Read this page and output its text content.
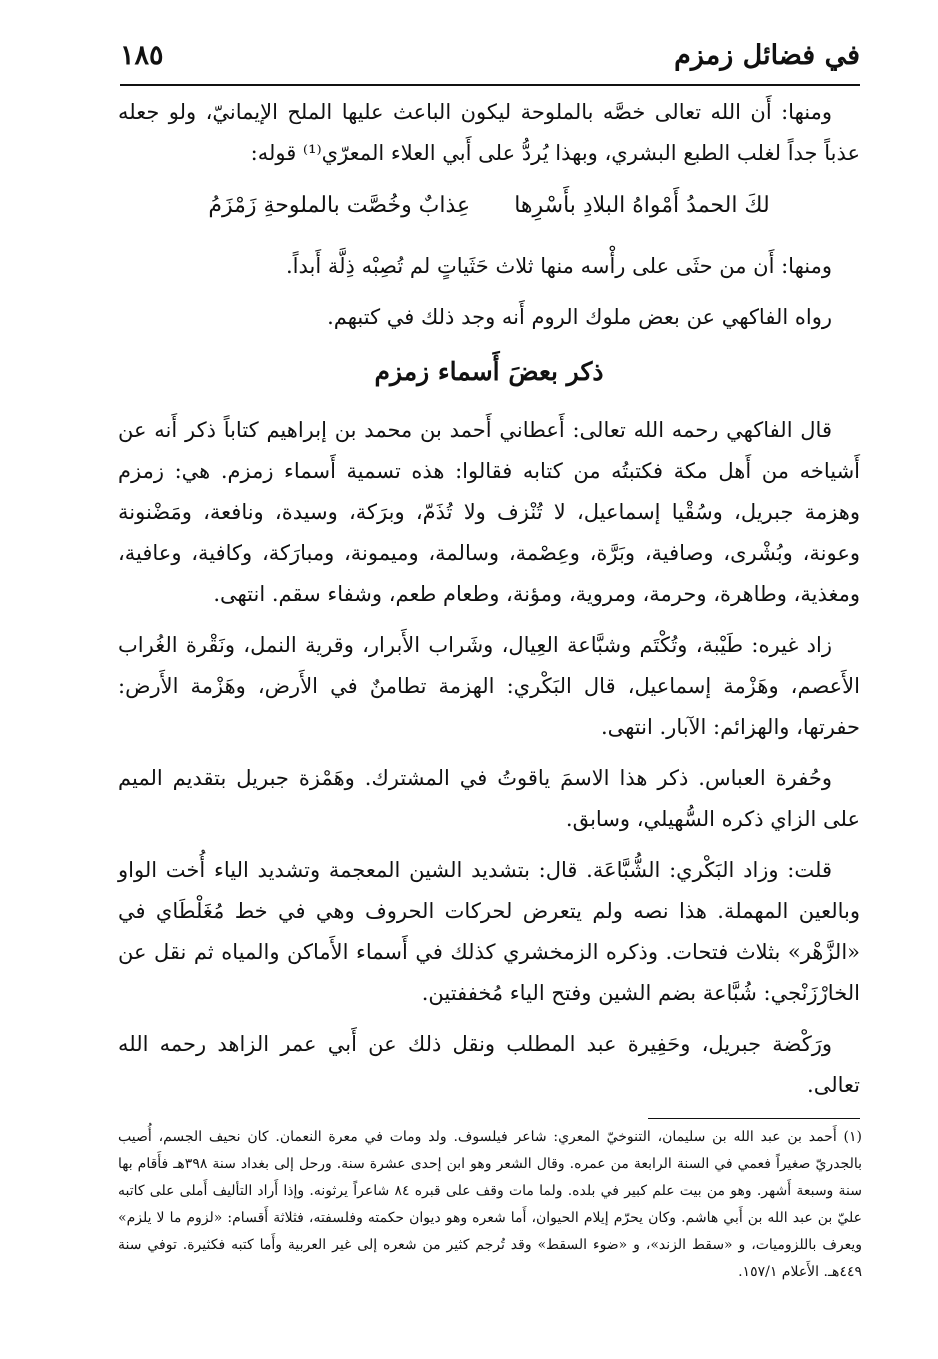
في فضائل زمزم
١٨٥

ومنها: أَن الله تعالى خصَّه بالملوحة ليكون الباعث عليها الملح الإيمانيّ، ولو جعله عذباً جداً لغلب الطبع البشري، وبهذا يُردُّ على أَبي العلاء المعرّي⁽¹⁾ قوله:

لكَ الحمدُ أَمْواهُ البلادِ بأَسْرِها
عِذابٌ وخُصَّت بالملوحةِ زَمْزَمُ

ومنها: أَن من حثَى على رأْسه منها ثلاث حَثَياتٍ لم تُصِبْه ذِلَّة أَبداً.

رواه الفاكهي عن بعض ملوك الروم أَنه وجد ذلك في كتبهم.

ذكر بعضَ أَسماء زمزم

قال الفاكهي رحمه الله تعالى: أَعطاني أَحمد بن محمد بن إبراهيم كتاباً ذكر أَنه عن أَشياخه من أَهل مكة فكتبتُه من كتابه فقالوا: هذه تسمية أَسماء زمزم. هي: زمزم وهزمة جبريل، وسُقْيا إسماعيل، لا تُنْزف ولا تُذَمّ، وبرَكة، وسيدة، ونافعة، ومَضْنونة وعونة، وبُشْرى، وصافية، وبَرَّة، وعِصْمة، وسالمة، وميمونة، ومبارَكة، وكافية، وعافية، ومغذية، وطاهرة، وحرمة، ومروية، ومؤنة، وطعام طعم، وشفاء سقم. انتهى.

زاد غيره: طَيْبة، وتُكْتَم وشبَّاعة العِيال، وشَراب الأَبرار، وقرية النمل، ونَقْرة الغُراب الأَعصم، وهَزْمة إسماعيل، قال البَكْري: الهزمة تطامنٌ في الأَرض، وهَزْمة الأَرض: حفرتها، والهزائم: الآبار. انتهى.

وحُفرة العباس. ذكر هذا الاسمَ ياقوتُ في المشترك. وهَمْزة جبريل بتقديم الميم على الزاي ذكره السُّهيلي، وسابق.

قلت: وزاد البَكْري: الشُّبَّاعَة. قال: بتشديد الشين المعجمة وتشديد الياء أُخت الواو وبالعين المهملة. هذا نصه ولم يتعرض لحركات الحروف وهي في خط مُغَلْطَاي في «الزَّهْر» بثلاث فتحات. وذكره الزمخشري كذلك في أَسماء الأَماكن والمياه ثم نقل عن الخارْزَنْجي: شُبَّاعة بضم الشين وفتح الياء مُخففتين.

ورَكْضة جبريل، وحَفِيرة عبد المطلب ونقل ذلك عن أَبي عمر الزاهد رحمه الله تعالى.

(١) أَحمد بن عبد الله بن سليمان، التنوخيّ المعري: شاعر فيلسوف. ولد ومات في معرة النعمان. كان نحيف الجسم، أُصيب بالجدريّ صغيراً فعمي في السنة الرابعة من عمره. وقال الشعر وهو ابن إحدى عشرة سنة. ورحل إلى بغداد سنة ٣٩٨هـ فأَقام بها سنة وسبعة أَشهر. وهو من بيت علم كبير في بلده. ولما مات وقف على قبره ٨٤ شاعراً يرثونه. وإذا أَراد التأليف أَملى على كاتبه عليّ بن عبد الله بن أَبي هاشم. وكان يحرّم إيلام الحيوان، أَما شعره وهو ديوان حكمته وفلسفته، فثلاثة أَقسام: «لزوم ما لا يلزم» ويعرف باللزوميات، و «سقط الزند»، و «ضوء السقط» وقد تُرجم كثير من شعره إلى غير العربية وأَما كتبه فكثيرة. توفي سنة ٤٤٩هـ. الأَعلام ١٥٧/١.
